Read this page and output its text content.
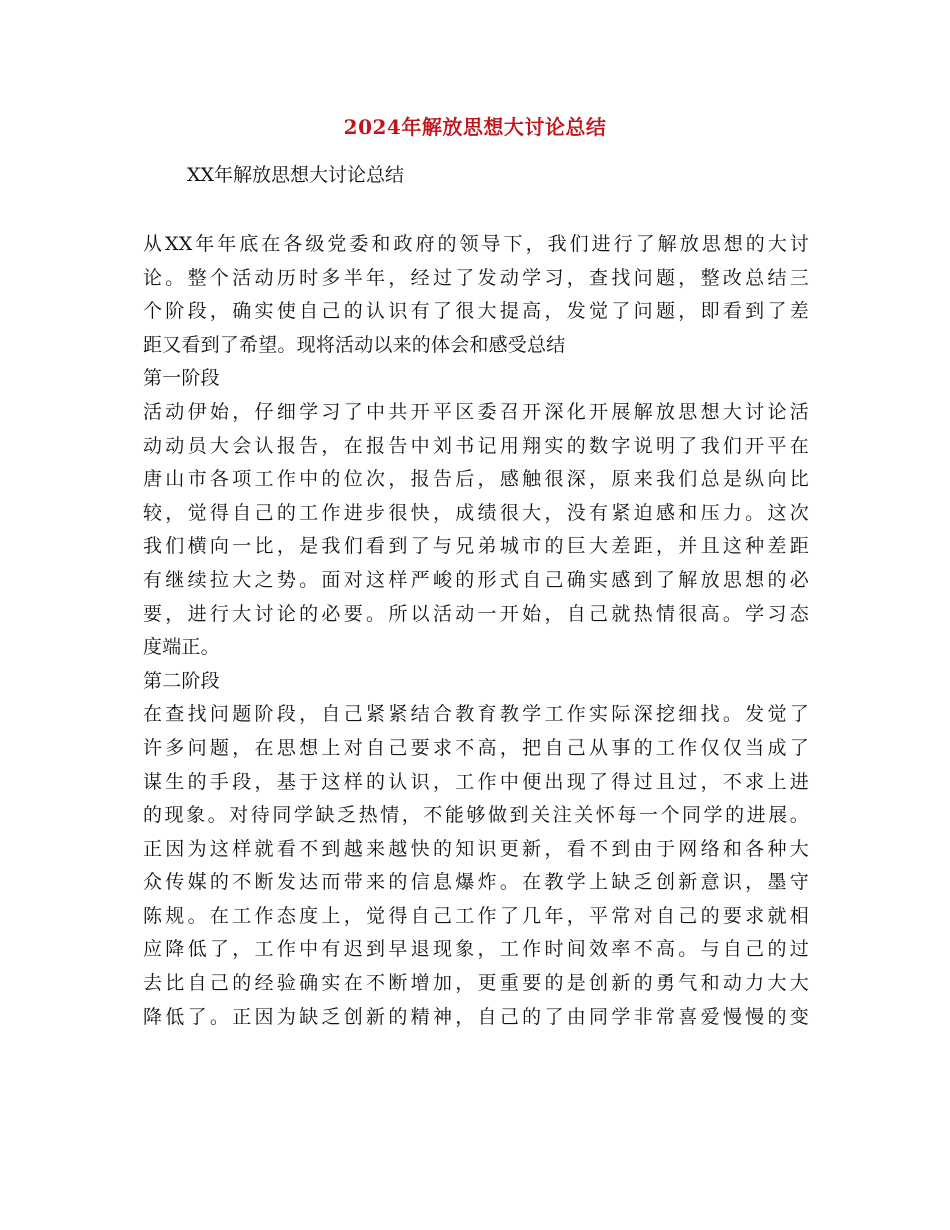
2024年解放思想大讨论总结
XX年解放思想大讨论总结
从XX年年底在各级党委和政府的领导下，我们进行了解放思想的大讨
论。整个活动历时多半年，经过了发动学习，查找问题，整改总结三
个阶段，确实使自己的认识有了很大提高，发觉了问题，即看到了差
距又看到了希望。现将活动以来的体会和感受总结
第一阶段
活动伊始，仔细学习了中共开平区委召开深化开展解放思想大讨论活
动动员大会认报告，在报告中刘书记用翔实的数字说明了我们开平在
唐山市各项工作中的位次，报告后，感触很深，原来我们总是纵向比
较，觉得自己的工作进步很快，成绩很大，没有紧迫感和压力。这次
我们横向一比，是我们看到了与兄弟城市的巨大差距，并且这种差距
有继续拉大之势。面对这样严峻的形式自己确实感到了解放思想的必
要，进行大讨论的必要。所以活动一开始，自己就热情很高。学习态
度端正。
第二阶段
在查找问题阶段，自己紧紧结合教育教学工作实际深挖细找。发觉了
许多问题，在思想上对自己要求不高，把自己从事的工作仅仅当成了
谋生的手段，基于这样的认识，工作中便出现了得过且过，不求上进
的现象。对待同学缺乏热情，不能够做到关注关怀每一个同学的进展。
正因为这样就看不到越来越快的知识更新，看不到由于网络和各种大
众传媒的不断发达而带来的信息爆炸。在教学上缺乏创新意识，墨守
陈规。在工作态度上，觉得自己工作了几年，平常对自己的要求就相
应降低了，工作中有迟到早退现象，工作时间效率不高。与自己的过
去比自己的经验确实在不断增加，更重要的是创新的勇气和动力大大
降低了。正因为缺乏创新的精神，自己的了由同学非常喜爱慢慢的变
